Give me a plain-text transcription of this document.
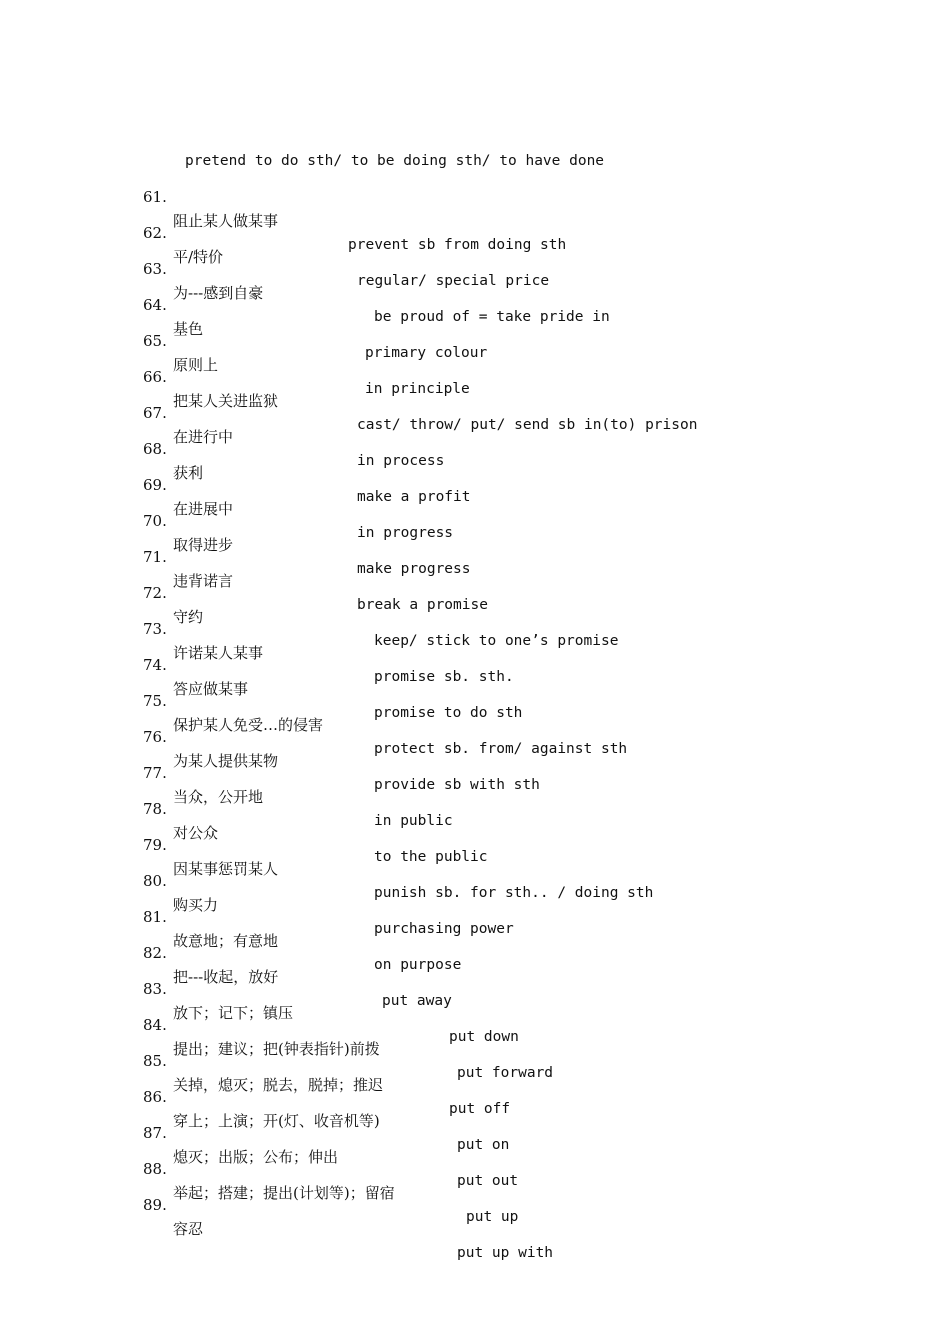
pretend to do sth/ to be doing sth/ to have done

61.

阻止某人做某事

prevent sb from doing sth

62.

平/特价

regular/ special price

63.

为---感到自豪

be proud of = take pride in

64.

基色

primary colour

65.

原则上

in principle

66.

把某人关进监狱

cast/ throw/ put/ send sb in(to) prison

67.

在进行中

in process

68.

获利

make a profit

69.

在进展中

in progress

70.

取得进步

make progress

71.

违背诺言

break a promise

72.

守约

keep/ stick to one’s promise

73.

许诺某人某事

promise sb. sth.

74.

答应做某事

promise to do sth

75.

保护某人免受…的侵害

protect sb. from/ against sth

76.

为某人提供某物

provide sb with sth

77.

当众，公开地

in public

78.

对公众

to the public

79.

因某事惩罚某人

punish sb. for sth.. / doing sth

80.

购买力

purchasing power

81.

故意地；有意地

on purpose

82.

把---收起，放好

put away

83.

放下；记下；镇压

put down

84.

提出；建议；把(钟表指针)前拨

put forward

85.

关掉，熄灭；脱去，脱掉；推迟

put off

86.

穿上；上演；开(灯、收音机等)

put on

87.

熄灭；出版；公布；伸出

put out

88.

举起；搭建；提出(计划等)；留宿

put up

89.

容忍

put up with
